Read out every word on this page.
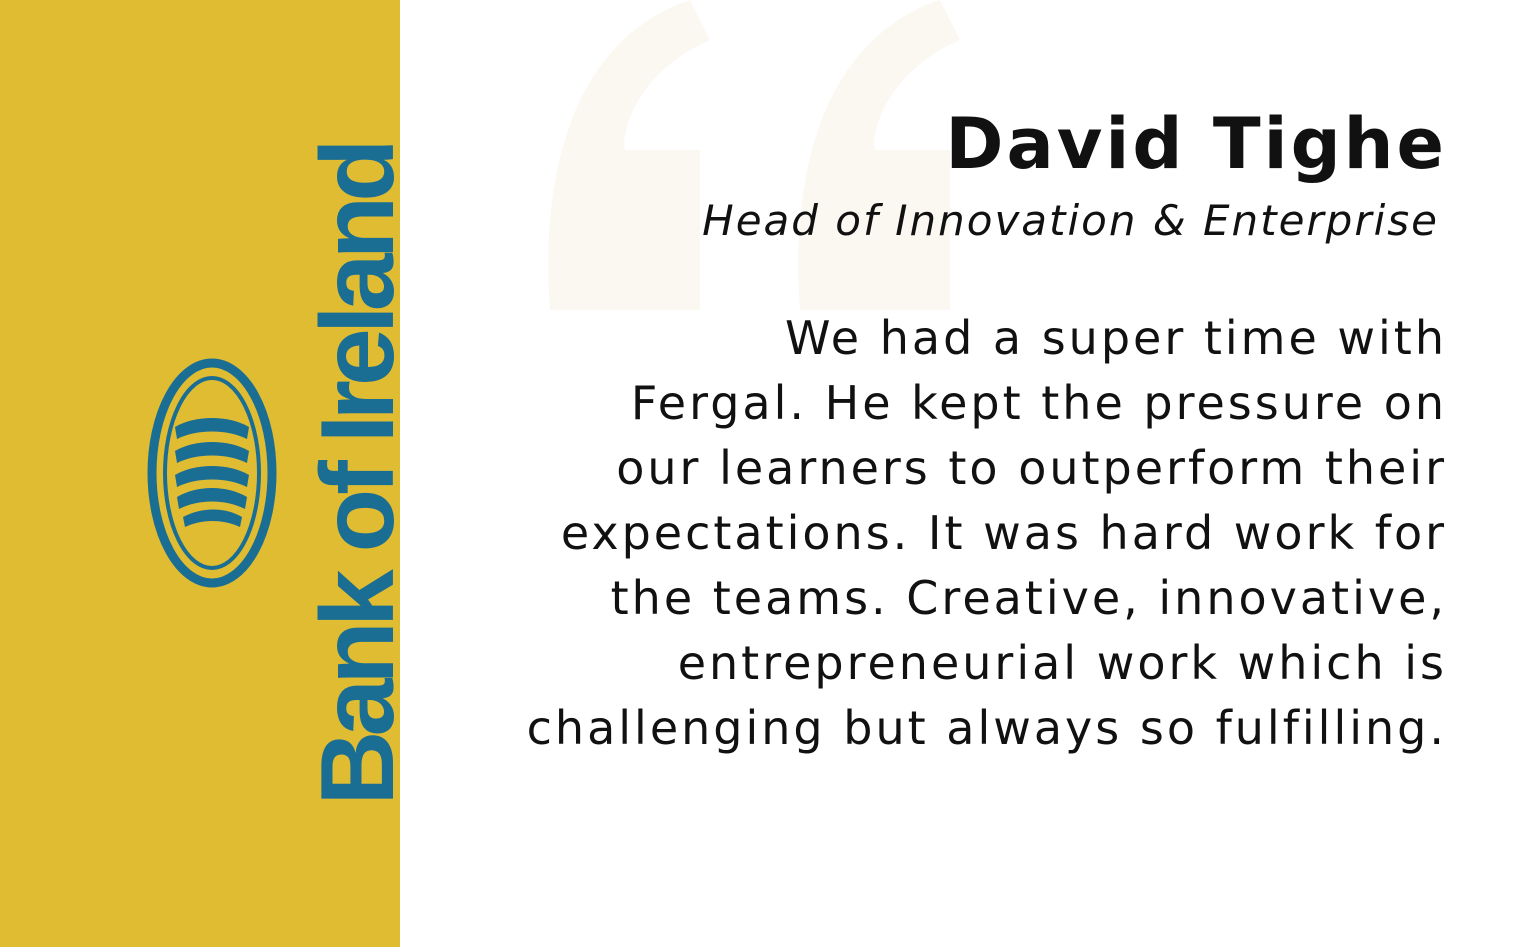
Bank of Ireland
David Tighe
Head of Innovation & Enterprise
We had a super time with
Fergal. He kept the pressure on
our learners to outperform their
expectations. It was hard work for
the teams. Creative, innovative,
entrepreneurial work which is
challenging but always so fulfilling.
